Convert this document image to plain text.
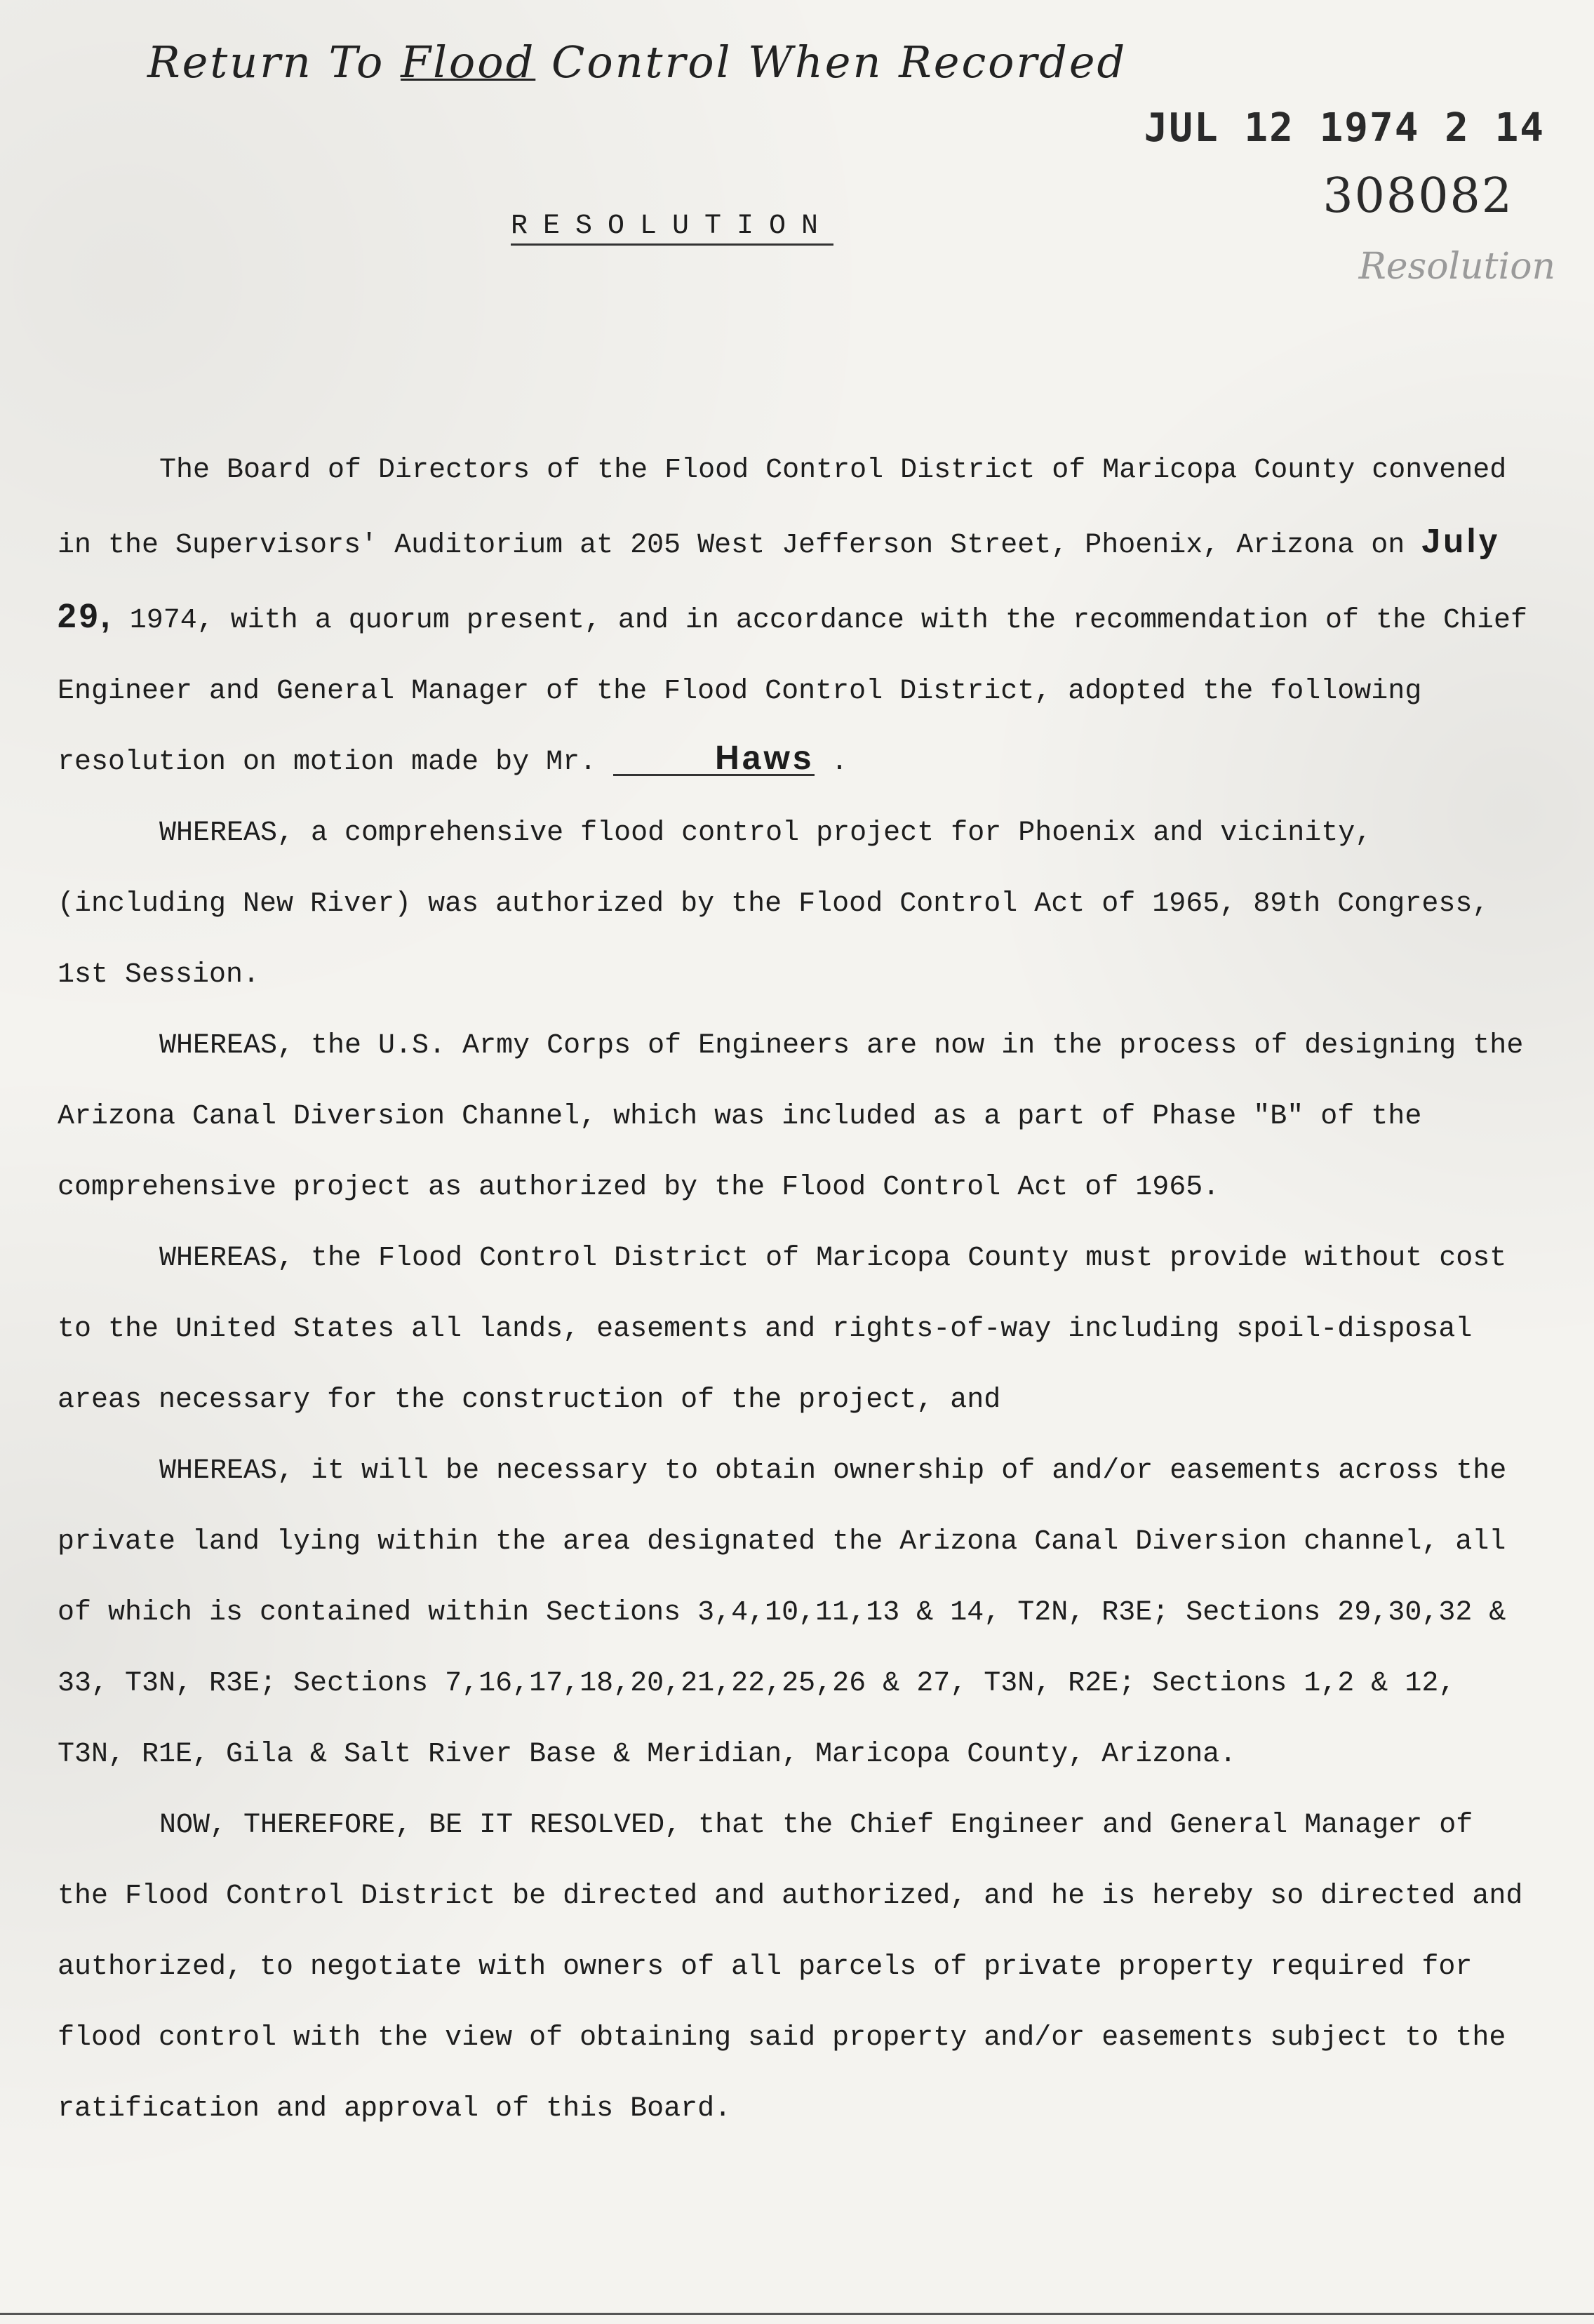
Return To Flood Control When Recorded
JUL 12 1974 2 14
308082
Resolution
RESOLUTION

The Board of Directors of the Flood Control District of Maricopa County convened in the Supervisors' Auditorium at 205 West Jefferson Street, Phoenix, Arizona on July 29, 1974, with a quorum present, and in accordance with the recommendation of the Chief Engineer and General Manager of the Flood Control District, adopted the following resolution on motion made by Mr.	Haws .

WHEREAS, a comprehensive flood control project for Phoenix and vicinity, (including New River) was authorized by the Flood Control Act of 1965, 89th Congress, 1st Session.

WHEREAS, the U.S. Army Corps of Engineers are now in the process of designing the Arizona Canal Diversion Channel, which was included as a part of Phase "B" of the comprehensive project as authorized by the Flood Control Act of 1965.

WHEREAS, the Flood Control District of Maricopa County must provide without cost to the United States all lands, easements and rights-of-way including spoil-disposal areas necessary for the construction of the project, and

WHEREAS, it will be necessary to obtain ownership of and/or easements across the private land lying within the area designated the Arizona Canal Diversion channel, all of which is contained within Sections 3,4,10,11,13 & 14, T2N, R3E; Sections 29,30,32 & 33, T3N, R3E; Sections 7,16,17,18,20,21,22,25,26 & 27, T3N, R2E; Sections 1,2 & 12, T3N, R1E, Gila & Salt River Base & Meridian, Maricopa County, Arizona.

NOW, THEREFORE, BE IT RESOLVED, that the Chief Engineer and General Manager of the Flood Control District be directed and authorized, and he is hereby so directed and authorized, to negotiate with owners of all parcels of private property required for flood control with the view of obtaining said property and/or easements subject to the ratification and approval of this Board.
